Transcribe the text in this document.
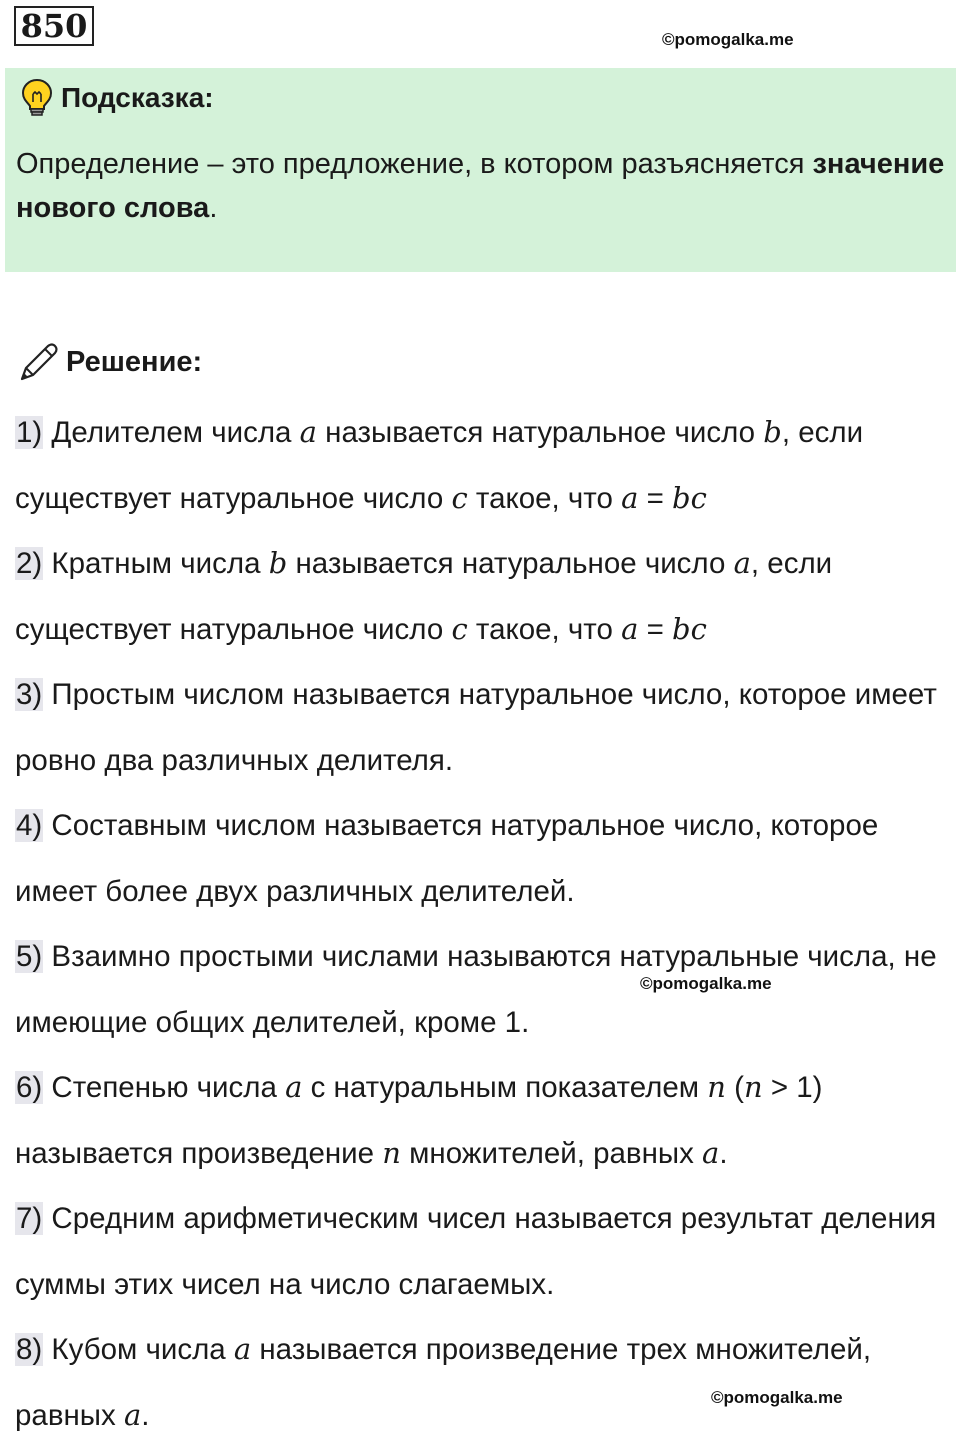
850	©pomogalka.me
Подсказка:
Определение – это предложение, в котором разъясняется значение нового слова.
Решение:
1) Делителем числа a называется натуральное число b, если существует натуральное число c такое, что a = bc
2) Кратным числа b называется натуральное число a, если существует натуральное число c такое, что a = bc
3) Простым числом называется натуральное число, которое имеет ровно два различных делителя.
4) Составным числом называется натуральное число, которое имеет более двух различных делителей.
5) Взаимно простыми числами называются натуральные числа, не имеющие общих делителей, кроме 1.
©pomogalka.me
6) Степенью числа a с натуральным показателем n (n > 1) называется произведение n множителей, равных a.
7) Средним арифметическим чисел называется результат деления суммы этих чисел на число слагаемых.
8) Кубом числа a называется произведение трех множителей, равных a.
©pomogalka.me
